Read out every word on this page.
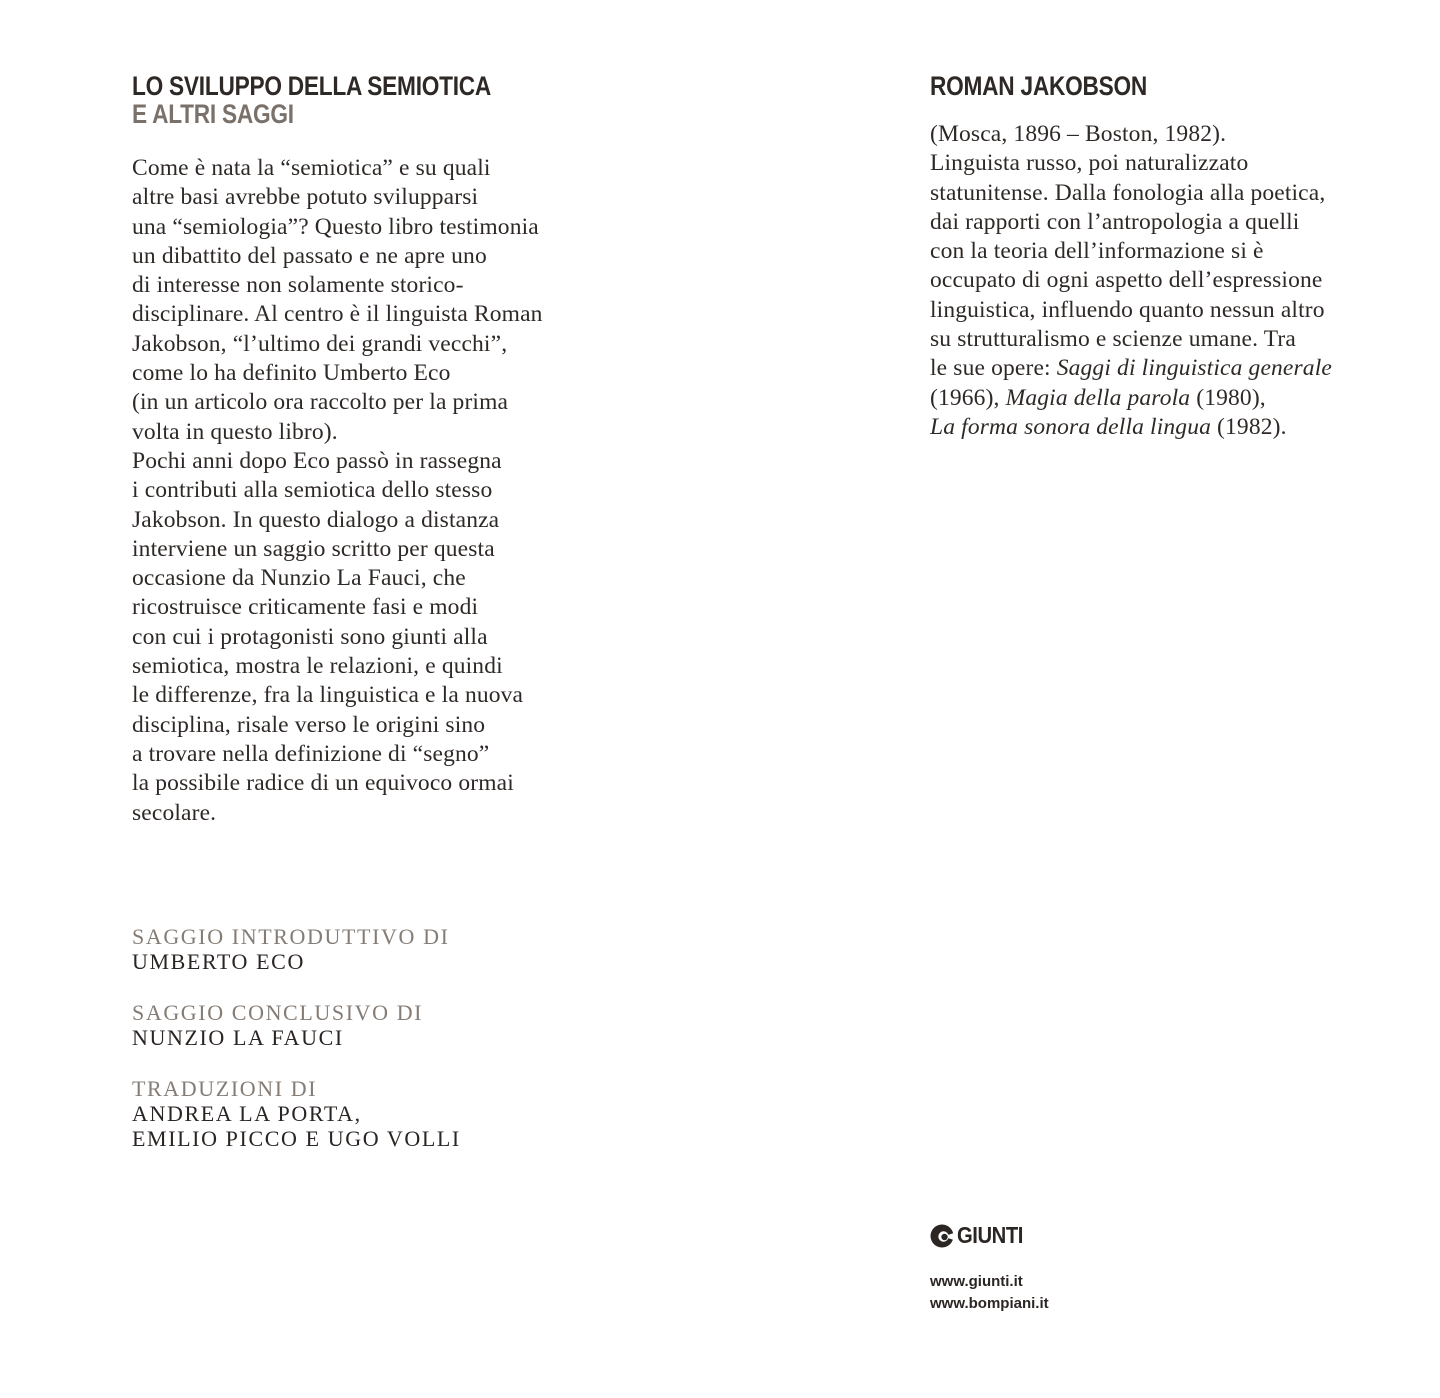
LO SVILUPPO DELLA SEMIOTICA
E ALTRI SAGGI

Come è nata la “semiotica” e su quali
altre basi avrebbe potuto svilupparsi
una “semiologia”? Questo libro testimonia
un dibattito del passato e ne apre uno
di interesse non solamente storico-
disciplinare. Al centro è il linguista Roman
Jakobson, “l’ultimo dei grandi vecchi”,
come lo ha definito Umberto Eco
(in un articolo ora raccolto per la prima
volta in questo libro).
Pochi anni dopo Eco passò in rassegna
i contributi alla semiotica dello stesso
Jakobson. In questo dialogo a distanza
interviene un saggio scritto per questa
occasione da Nunzio La Fauci, che
ricostruisce criticamente fasi e modi
con cui i protagonisti sono giunti alla
semiotica, mostra le relazioni, e quindi
le differenze, fra la linguistica e la nuova
disciplina, risale verso le origini sino
a trovare nella definizione di “segno”
la possibile radice di un equivoco ormai
secolare.

SAGGIO INTRODUTTIVO DI
UMBERTO ECO
SAGGIO CONCLUSIVO DI
NUNZIO LA FAUCI
TRADUZIONI DI
ANDREA LA PORTA,
EMILIO PICCO E UGO VOLLI
ROMAN JAKOBSON

(Mosca, 1896 – Boston, 1982).
Linguista russo, poi naturalizzato
statunitense. Dalla fonologia alla poetica,
dai rapporti con l’antropologia a quelli
con la teoria dell’informazione si è
occupato di ogni aspetto dell’espressione
linguistica, influendo quanto nessun altro
su strutturalismo e scienze umane. Tra
le sue opere: Saggi di linguistica generale
(1966), Magia della parola (1980),
La forma sonora della lingua (1982).

GIUNTI
www.giunti.it
www.bompiani.it
